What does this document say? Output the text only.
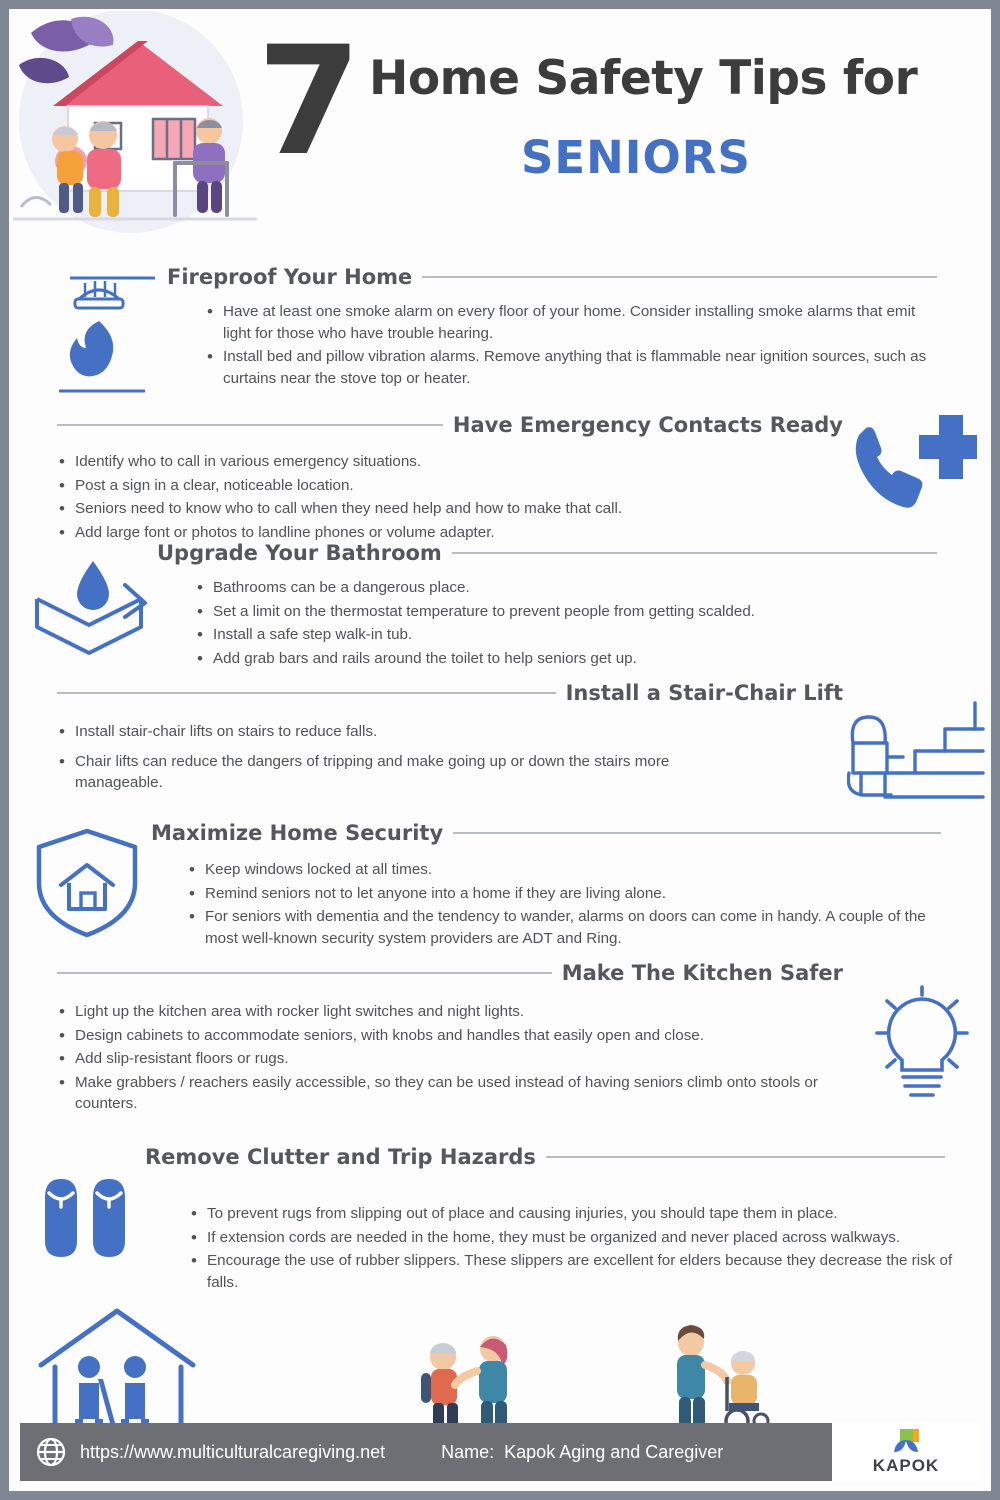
7 Home Safety Tips for
SENIORS
Fireproof Your Home
• Have at least one smoke alarm on every floor of your home. Consider installing smoke alarms that emit light for those who have trouble hearing.
• Install bed and pillow vibration alarms. Remove anything that is flammable near ignition sources, such as curtains near the stove top or heater.
Have Emergency Contacts Ready
• Identify who to call in various emergency situations.
• Post a sign in a clear, noticeable location.
• Seniors need to know who to call when they need help and how to make that call.
• Add large font or photos to landline phones or volume adapter.
Upgrade Your Bathroom
• Bathrooms can be a dangerous place.
• Set a limit on the thermostat temperature to prevent people from getting scalded.
• Install a safe step walk-in tub.
• Add grab bars and rails around the toilet to help seniors get up.
Install a Stair-Chair Lift
• Install stair-chair lifts on stairs to reduce falls.
• Chair lifts can reduce the dangers of tripping and make going up or down the stairs more manageable.
Maximize Home Security
• Keep windows locked at all times.
• Remind seniors not to let anyone into a home if they are living alone.
• For seniors with dementia and the tendency to wander, alarms on doors can come in handy. A couple of the most well-known security system providers are ADT and Ring.
Make The Kitchen Safer
• Light up the kitchen area with rocker light switches and night lights.
• Design cabinets to accommodate seniors, with knobs and handles that easily open and close.
• Add slip-resistant floors or rugs.
• Make grabbers / reachers easily accessible, so they can be used instead of having seniors climb onto stools or counters.
Remove Clutter and Trip Hazards
• To prevent rugs from slipping out of place and causing injuries, you should tape them in place.
• If extension cords are needed in the home, they must be organized and never placed across walkways.
• Encourage the use of rubber slippers. These slippers are excellent for elders because they decrease the risk of falls.
https://www.multiculturalcaregiving.net	Name: Kapok Aging and Caregiver
KAPOK
